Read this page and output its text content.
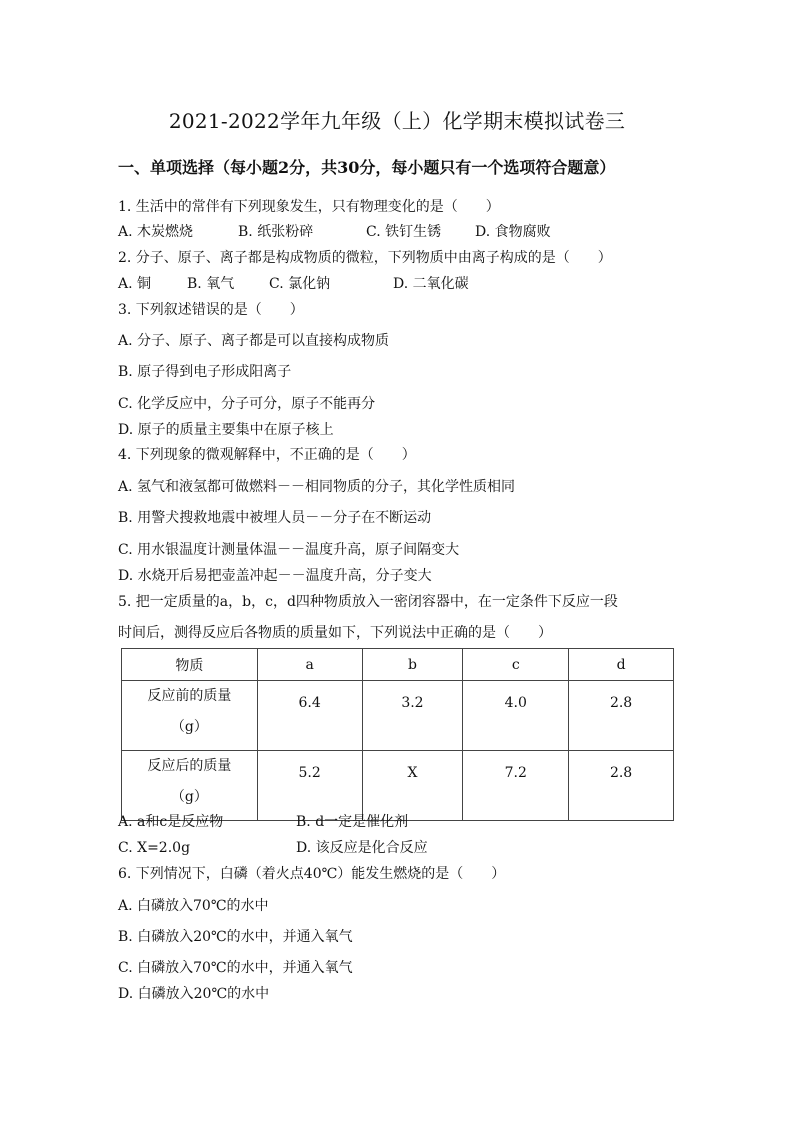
2021-2022学年九年级（上）化学期末模拟试卷三
一、单项选择（每小题2分，共30分，每小题只有一个选项符合题意）
1. 生活中的常伴有下列现象发生，只有物理变化的是（　　）
A. 木炭燃烧	B. 纸张粉碎	C. 铁钉生锈 D. 食物腐败
2. 分子、原子、离子都是构成物质的微粒，下列物质中由离子构成的是（　　）
A. 铜	B. 氧气 C. 氯化钠	D. 二氧化碳
3. 下列叙述错误的是（　　）
A. 分子、原子、离子都是可以直接构成物质
B. 原子得到电子形成阳离子
C. 化学反应中，分子可分，原子不能再分
D. 原子的质量主要集中在原子核上
4. 下列现象的微观解释中，不正确的是（　　）
A. 氢气和液氢都可做燃料－－相同物质的分子，其化学性质相同
B. 用警犬搜救地震中被埋人员－－分子在不断运动
C. 用水银温度计测量体温－－温度升高，原子间隔变大
D. 水烧开后易把壶盖冲起－－温度升高，分子变大
5. 把一定质量的a，b，c，d四种物质放入一密闭容器中，在一定条件下反应一段
时间后，测得反应后各物质的质量如下，下列说法中正确的是（　　）
物质	a	b	c	d

反应前的质量
（g）	6.4	3.2	4.0	2.8

反应后的质量
（g）	5.2	X	7.2	2.8
A. a和c是反应物	B. d一定是催化剂
C. X=2.0g	D. 该反应是化合反应
6. 下列情况下，白磷（着火点40℃）能发生燃烧的是（　　）
A. 白磷放入70℃的水中
B. 白磷放入20℃的水中，并通入氧气
C. 白磷放入70℃的水中，并通入氧气
D. 白磷放入20℃的水中
